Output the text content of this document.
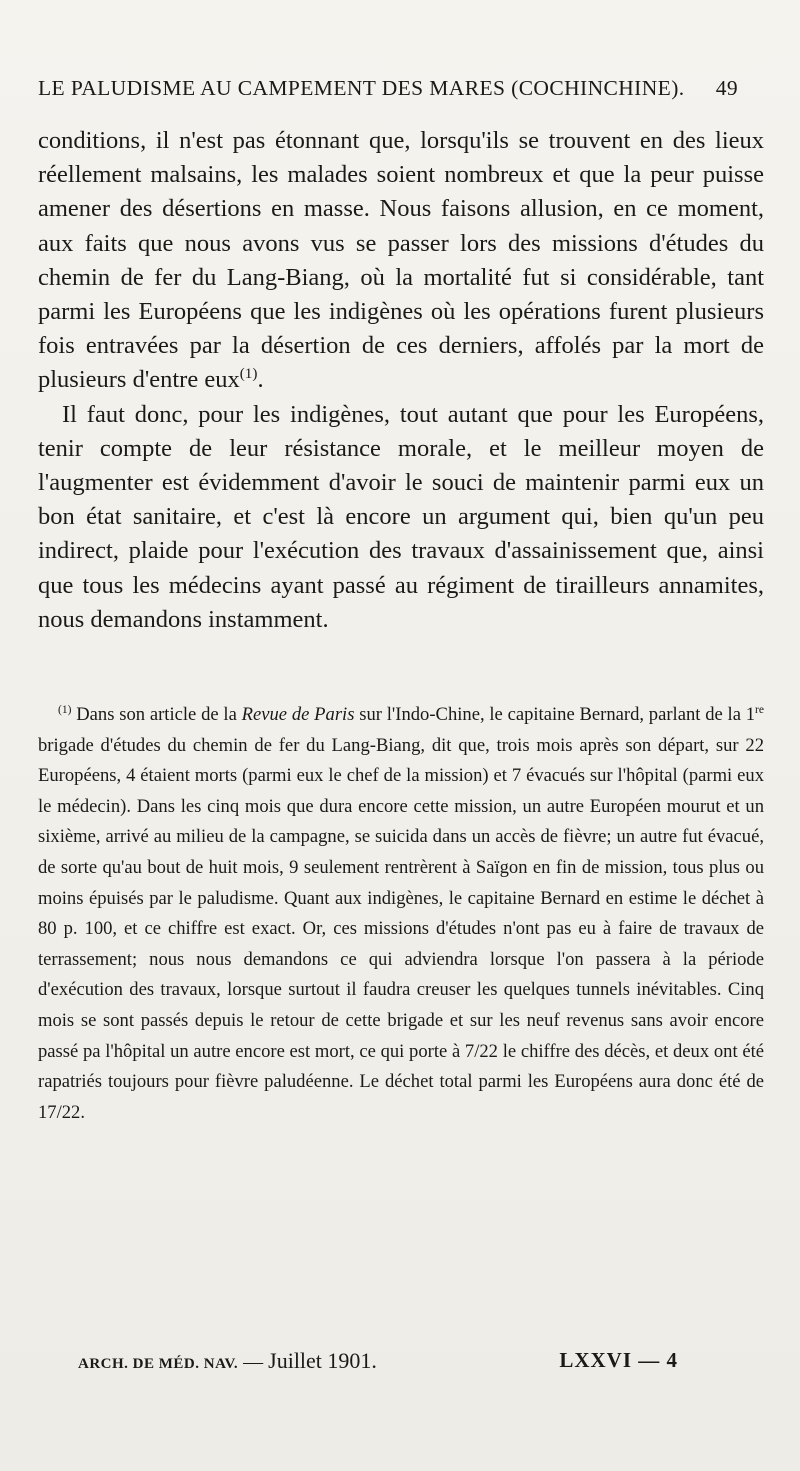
LE PALUDISME AU CAMPEMENT DES MARES (COCHINCHINE). 49

conditions, il n'est pas étonnant que, lorsqu'ils se trouvent en des lieux réellement malsains, les malades soient nombreux et que la peur puisse amener des désertions en masse. Nous faisons allusion, en ce moment, aux faits que nous avons vus se passer lors des missions d'études du chemin de fer du Lang-Biang, où la mortalité fut si considérable, tant parmi les Européens que les indigènes où les opérations furent plusieurs fois entravées par la désertion de ces derniers, affolés par la mort de plusieurs d'entre eux$^{(1)}$.

Il faut donc, pour les indigènes, tout autant que pour les Européens, tenir compte de leur résistance morale, et le meilleur moyen de l'augmenter est évidemment d'avoir le souci de maintenir parmi eux un bon état sanitaire, et c'est là encore un argument qui, bien qu'un peu indirect, plaide pour l'exécution des travaux d'assainissement que, ainsi que tous les médecins ayant passé au régiment de tirailleurs annamites, nous demandons instamment.

$^{(1)}$ Dans son article de la Revue de Paris sur l'Indo-Chine, le capitaine Bernard, parlant de la 1re brigade d'études du chemin de fer du Lang-Biang, dit que, trois mois après son départ, sur 22 Européens, 4 étaient morts (parmi eux le chef de la mission) et 7 évacués sur l'hôpital (parmi eux le médecin). Dans les cinq mois que dura encore cette mission, un autre Européen mourut et un sixième, arrivé au milieu de la campagne, se suicida dans un accès de fièvre; un autre fut évacué, de sorte qu'au bout de huit mois, 9 seulement rentrèrent à Saïgon en fin de mission, tous plus ou moins épuisés par le paludisme. Quant aux indigènes, le capitaine Bernard en estime le déchet à 80 p. 100, et ce chiffre est exact. Or, ces missions d'études n'ont pas eu à faire de travaux de terrassement; nous nous demandons ce qui adviendra lorsque l'on passera à la période d'exécution des travaux, lorsque surtout il faudra creuser les quelques tunnels inévitables. Cinq mois se sont passés depuis le retour de cette brigade et sur les neuf revenus sans avoir encore passé pa l'hôpital un autre encore est mort, ce qui porte à 7/22 le chiffre des décès, et deux ont été rapatriés toujours pour fièvre paludéenne. Le déchet total parmi les Européens aura donc été de 17/22.

ARCH. DE MÉD. NAV. — Juillet 1901.	LXXVI — 4
